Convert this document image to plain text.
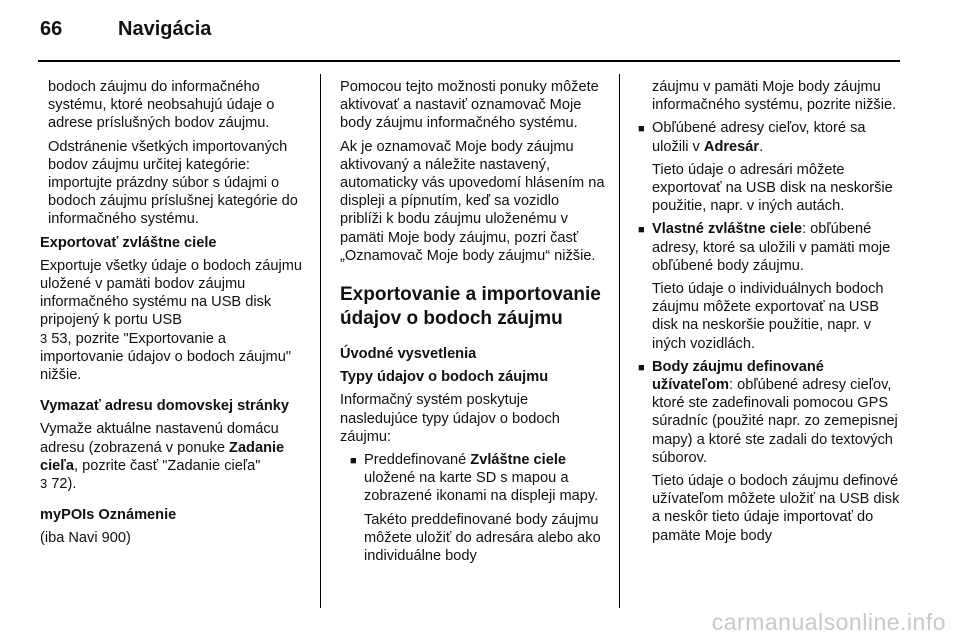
66	Navigácia

bodoch záujmu do informačného systému, ktoré neobsahujú údaje o adrese príslušných bodov záujmu.

Odstránenie všetkých importovaných bodov záujmu určitej kategórie: importujte prázdny súbor s údajmi o bodoch záujmu príslušnej kategórie do informačného systému.

Exportovať zvláštne ciele

Exportuje všetky údaje o bodoch záujmu uložené v pamäti bodov záujmu informačného systému na USB disk pripojený k portu USB
3 53, pozrite "Exportovanie a importovanie údajov o bodoch záujmu" nižšie.

Vymazať adresu domovskej stránky

Vymaže aktuálne nastavenú domácu adresu (zobrazená v ponuke Zadanie cieľa, pozrite časť "Zadanie cieľa"
3 72).

myPOIs Oznámenie

(iba Navi 900)

Pomocou tejto možnosti ponuky môžete aktivovať a nastaviť oznamovač Moje body záujmu informačného systému.

Ak je oznamovač Moje body záujmu aktivovaný a náležite nastavený, automaticky vás upovedomí hlásením na displeji a pípnutím, keď sa vozidlo priblíži k bodu záujmu uloženému v pamäti Moje body záujmu, pozri časť „Oznamovač Moje body záujmu“ nižšie.

Exportovanie a importovanie údajov o bodoch záujmu

Úvodné vysvetlenia

Typy údajov o bodoch záujmu

Informačný systém poskytuje nasledujúce typy údajov o bodoch záujmu:

■ Preddefinované Zvláštne ciele uložené na karte SD s mapou a zobrazené ikonami na displeji mapy.

Takéto preddefinované body záujmu môžete uložiť do adresára alebo ako individuálne body

záujmu v pamäti Moje body záujmu informačného systému, pozrite nižšie.

■ Obľúbené adresy cieľov, ktoré sa uložili v Adresár.

Tieto údaje o adresári môžete exportovať na USB disk na neskoršie použitie, napr. v iných autách.

■ Vlastné zvláštne ciele: obľúbené adresy, ktoré sa uložili v pamäti moje obľúbené body záujmu.

Tieto údaje o individuálnych bodoch záujmu môžete exportovať na USB disk na neskoršie použitie, napr. v iných vozidlách.

■ Body záujmu definované užívateľom: obľúbené adresy cieľov, ktoré ste zadefinovali pomocou GPS súradníc (použité napr. zo zemepisnej mapy) a ktoré ste zadali do textových súborov.

Tieto údaje o bodoch záujmu definové užívateľom môžete uložiť na USB disk a neskôr tieto údaje importovať do pamäte Moje body

carmanualsonline.info
